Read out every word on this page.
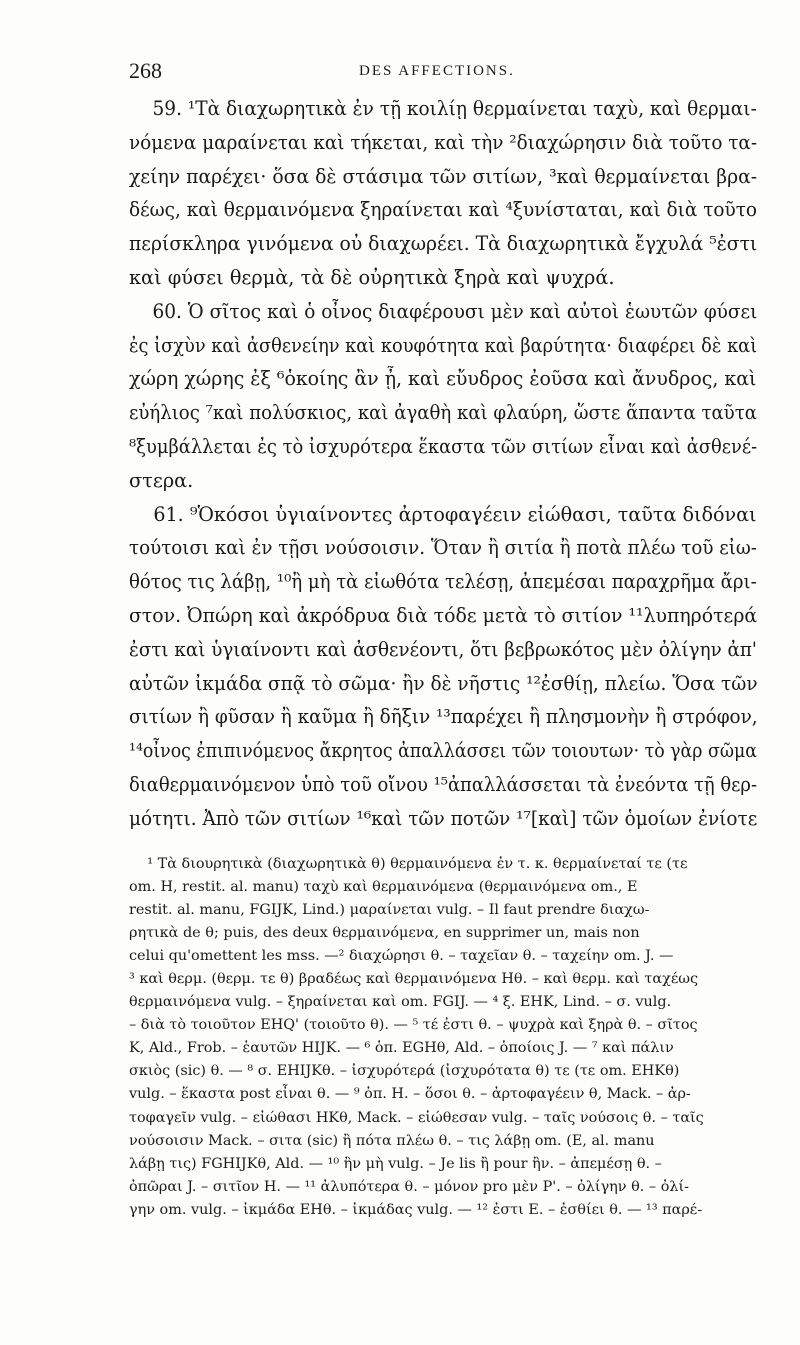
268	DES AFFECTIONS.
59. ¹Τὰ διαχωρητικὰ ἐν τῇ κοιλίῃ θερμαίνεται ταχὺ, καὶ θερμαι-
νόμενα μαραίνεται καὶ τήκεται, καὶ τὴν ²διαχώρησιν διὰ τοῦτο τα-
χείην παρέχει· ὅσα δὲ στάσιμα τῶν σιτίων, ³καὶ θερμαίνεται βρα-
δέως, καὶ θερμαινόμενα ξηραίνεται καὶ ⁴ξυνίσταται, καὶ διὰ τοῦτο
περίσκληρα γινόμενα οὐ διαχωρέει. Τὰ διαχωρητικὰ ἔγχυλά ⁵ἐστι
καὶ φύσει θερμὰ, τὰ δὲ οὐρητικὰ ξηρὰ καὶ ψυχρά.
60. Ὁ σῖτος καὶ ὁ οἶνος διαφέρουσι μὲν καὶ αὐτοὶ ἑωυτῶν φύσει
ἐς ἰσχὺν καὶ ἀσθενείην καὶ κουφότητα καὶ βαρύτητα· διαφέρει δὲ καὶ
χώρη χώρης ἐξ ⁶ὁκοίης ἂν ᾖ, καὶ εὔυδρος ἐοῦσα καὶ ἄνυδρος, καὶ
εὐήλιος ⁷καὶ πολύσκιος, καὶ ἀγαθὴ καὶ φλαύρη, ὥστε ἅπαντα ταῦτα
⁸ξυμβάλλεται ἐς τὸ ἰσχυρότερα ἕκαστα τῶν σιτίων εἶναι καὶ ἀσθενέ-
στερα.
61. ⁹Ὁκόσοι ὑγιαίνοντες ἀρτοφαγέειν εἰώθασι, ταῦτα διδόναι
τούτοισι καὶ ἐν τῇσι νούσοισιν. Ὅταν ἢ σιτία ἢ ποτὰ πλέω τοῦ εἰω-
θότος τις λάβῃ, ¹⁰ἢ μὴ τὰ εἰωθότα τελέσῃ, ἀπεμέσαι παραχρῆμα ἄρι-
στον. Ὀπώρη καὶ ἀκρόδρυα διὰ τόδε μετὰ τὸ σιτίον ¹¹λυπηρότερά
ἐστι καὶ ὑγιαίνοντι καὶ ἀσθενέοντι, ὅτι βεβρωκότος μὲν ὀλίγην ἀπ'
αὐτῶν ἰκμάδα σπᾷ τὸ σῶμα· ἢν δὲ νῆστις ¹²ἐσθίῃ, πλείω. Ὅσα τῶν
σιτίων ἢ φῦσαν ἢ καῦμα ἢ δῆξιν ¹³παρέχει ἢ πλησμονὴν ἢ στρόφον,
¹⁴οἶνος ἐπιπινόμενος ἄκρητος ἀπαλλάσσει τῶν τοιουτων· τὸ γὰρ σῶμα
διαθερμαινόμενον ὑπὸ τοῦ οἴνου ¹⁵ἀπαλλάσσεται τὰ ἐνεόντα τῇ θερ-
μότητι. Ἀπὸ τῶν σιτίων ¹⁶καὶ τῶν ποτῶν ¹⁷[καὶ] τῶν ὁμοίων ἐνίοτε
¹ Τὰ διουρητικὰ (διαχωρητικὰ θ) θερμαινόμενα ἐν τ. κ. θερμαίνεταί τε (τε
om. H, restit. al. manu) ταχὺ καὶ θερμαινόμενα (θερμαινόμενα om., E
restit. al. manu, FGIJK, Lind.) μαραίνεται vulg. – Il faut prendre διαχω-
ρητικὰ de θ; puis, des deux θερμαινόμενα, en supprimer un, mais non
celui qu'omettent les mss. —² διαχώρησι θ. – ταχεῖαν θ. – ταχείην om. J. —
³ καὶ θερμ. (θερμ. τε θ) βραδέως καὶ θερμαινόμενα Hθ. – καὶ θερμ. καὶ ταχέως
θερμαινόμενα vulg. – ξηραίνεται καὶ om. FGIJ. — ⁴ ξ. EHK, Lind. – σ. vulg.
– διὰ τὸ τοιοῦτον EHQ' (τοιοῦτο θ). — ⁵ τέ ἐστι θ. – ψυχρὰ καὶ ξηρὰ θ. – σῖτος
K, Ald., Frob. – ἑαυτῶν HIJK. — ⁶ ὁπ. EGHθ, Ald. – ὁποίοις J. — ⁷ καὶ πάλιν
σκιὸς (sic) θ. — ⁸ σ. EHIJKθ. – ἰσχυρότερά (ἰσχυρότατα θ) τε (τε om. EHKθ)
vulg. – ἕκαστα post εἶναι θ. — ⁹ ὁπ. H. – ὅσοι θ. – ἀρτοφαγέειν θ, Mack. – ἀρ-
τοφαγεῖν vulg. – εἰώθασι HKθ, Mack. – εἰώθεσαν vulg. – ταῖς νούσοις θ. – ταῖς
νούσοισιν Mack. – σιτα (sic) ἢ πότα πλέω θ. – τις λάβῃ om. (E, al. manu
λάβῃ τις) FGHIJKθ, Ald. — ¹⁰ ἢν μὴ vulg. – Je lis ἢ pour ἢν. – ἀπεμέσῃ θ. –
ὀπῶραι J. – σιτῖον H. — ¹¹ ἀλυπότερα θ. – μόνον pro μὲν P'. – ὀλίγην θ. – ὀλί-
γην om. vulg. – ἰκμάδα EHθ. – ἰκμάδας vulg. — ¹² ἐστι E. – ἐσθίει θ. — ¹³ παρέ-
